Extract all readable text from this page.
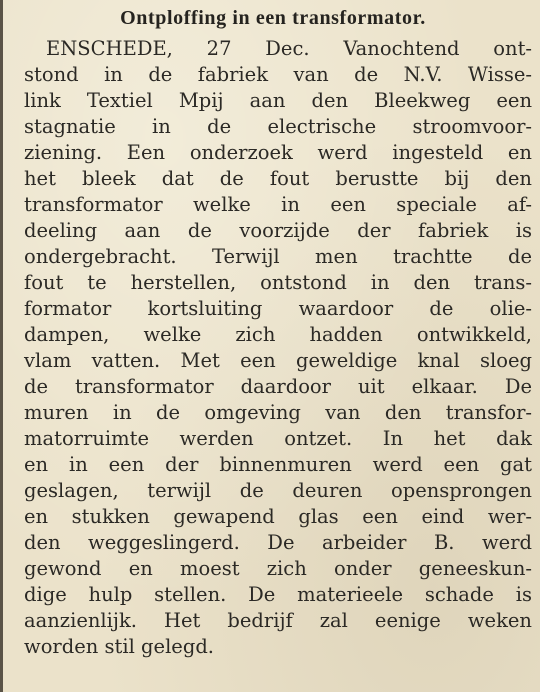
Ontploffing in een transformator.
ENSCHEDE, 27 Dec. Vanochtend ont-
stond in de fabriek van de N.V. Wisse-
link Textiel Mpij aan den Bleekweg een
stagnatie in de electrische stroomvoor-
ziening. Een onderzoek werd ingesteld en
het bleek dat de fout berustte bij den
transformator welke in een speciale af-
deeling aan de voorzijde der fabriek is
ondergebracht. Terwijl men trachtte de
fout te herstellen, ontstond in den trans-
formator kortsluiting waardoor de olie-
dampen, welke zich hadden ontwikkeld,
vlam vatten. Met een geweldige knal sloeg
de transformator daardoor uit elkaar. De
muren in de omgeving van den transfor-
matorruimte werden ontzet. In het dak
en in een der binnenmuren werd een gat
geslagen, terwijl de deuren opensprongen
en stukken gewapend glas een eind wer-
den weggeslingerd. De arbeider B. werd
gewond en moest zich onder geneeskun-
dige hulp stellen. De materieele schade is
aanzienlijk. Het bedrijf zal eenige weken
worden stil gelegd.
